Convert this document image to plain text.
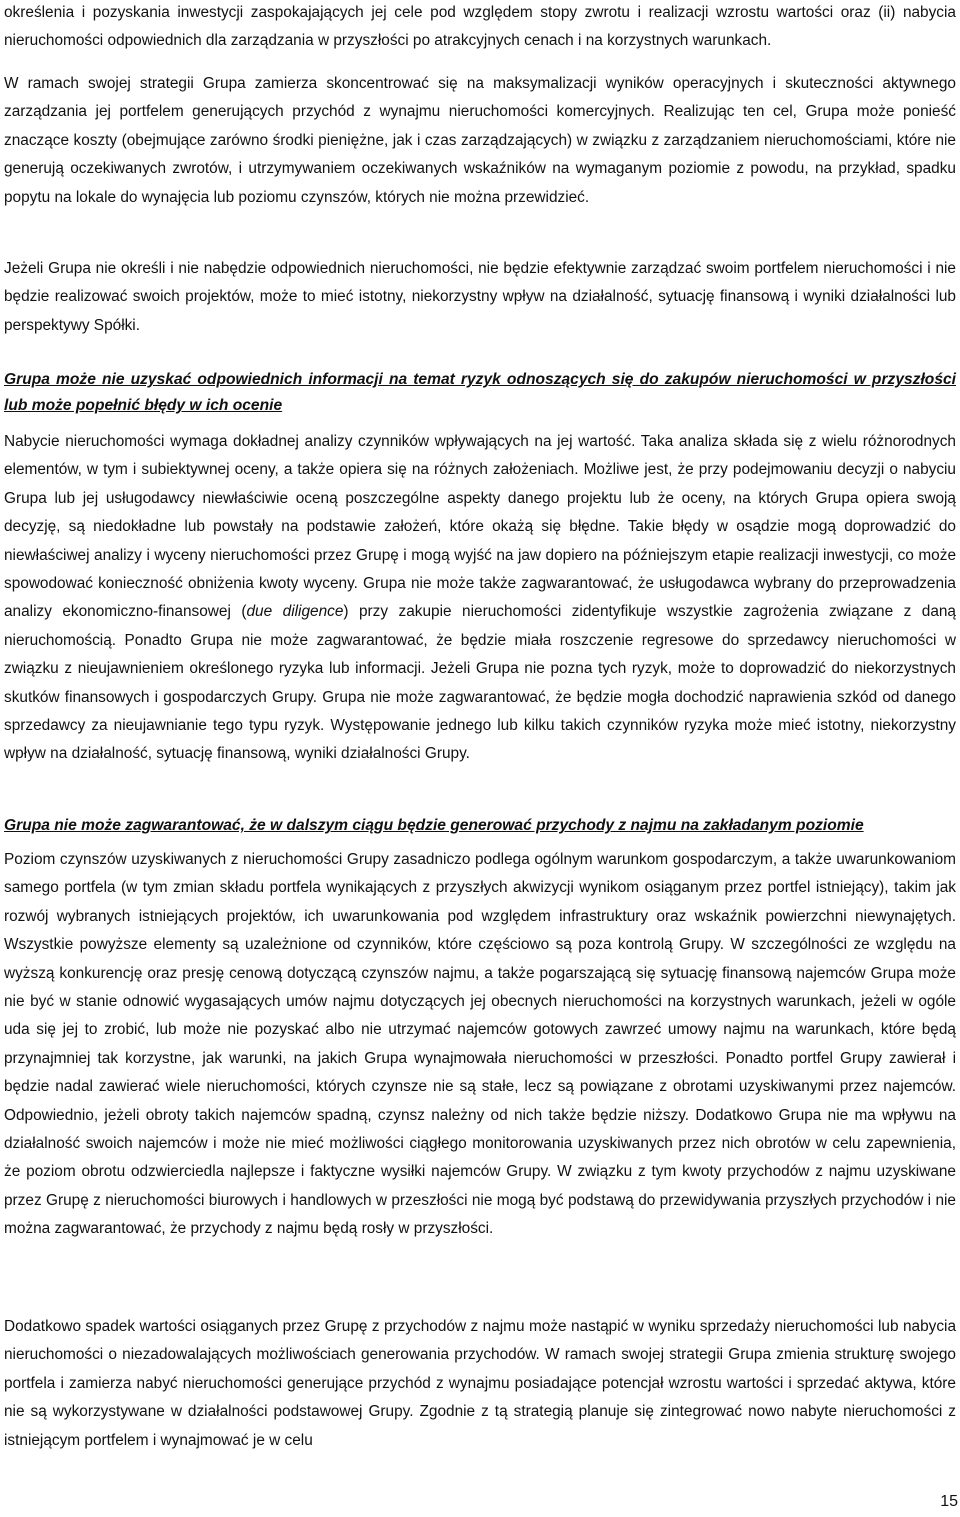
określenia i pozyskania inwestycji zaspokajających jej cele pod względem stopy zwrotu i realizacji wzrostu wartości oraz (ii) nabycia nieruchomości odpowiednich dla zarządzania w przyszłości po atrakcyjnych cenach i na korzystnych warunkach.

W ramach swojej strategii Grupa zamierza skoncentrować się na maksymalizacji wyników operacyjnych i skuteczności aktywnego zarządzania jej portfelem generujących przychód z wynajmu nieruchomości komercyjnych. Realizując ten cel, Grupa może ponieść znaczące koszty (obejmujące zarówno środki pieniężne, jak i czas zarządzających) w związku z zarządzaniem nieruchomościami, które nie generują oczekiwanych zwrotów, i utrzymywaniem oczekiwanych wskaźników na wymaganym poziomie z powodu, na przykład, spadku popytu na lokale do wynajęcia lub poziomu czynszów, których nie można przewidzieć.

Jeżeli Grupa nie określi i nie nabędzie odpowiednich nieruchomości, nie będzie efektywnie zarządzać swoim portfelem nieruchomości i nie będzie realizować swoich projektów, może to mieć istotny, niekorzystny wpływ na działalność, sytuację finansową i wyniki działalności lub perspektywy Spółki.

Grupa może nie uzyskać odpowiednich informacji na temat ryzyk odnoszących się do zakupów nieruchomości w przyszłości lub może popełnić błędy w ich ocenie

Nabycie nieruchomości wymaga dokładnej analizy czynników wpływających na jej wartość. Taka analiza składa się z wielu różnorodnych elementów, w tym i subiektywnej oceny, a także opiera się na różnych założeniach. Możliwe jest, że przy podejmowaniu decyzji o nabyciu Grupa lub jej usługodawcy niewłaściwie oceną poszczególne aspekty danego projektu lub że oceny, na których Grupa opiera swoją decyzję, są niedokładne lub powstały na podstawie założeń, które okażą się błędne. Takie błędy w osądzie mogą doprowadzić do niewłaściwej analizy i wyceny nieruchomości przez Grupę i mogą wyjść na jaw dopiero na późniejszym etapie realizacji inwestycji, co może spowodować konieczność obniżenia kwoty wyceny. Grupa nie może także zagwarantować, że usługodawca wybrany do przeprowadzenia analizy ekonomiczno-finansowej (due diligence) przy zakupie nieruchomości zidentyfikuje wszystkie zagrożenia związane z daną nieruchomością. Ponadto Grupa nie może zagwarantować, że będzie miała roszczenie regresowe do sprzedawcy nieruchomości w związku z nieujawnieniem określonego ryzyka lub informacji. Jeżeli Grupa nie pozna tych ryzyk, może to doprowadzić do niekorzystnych skutków finansowych i gospodarczych Grupy. Grupa nie może zagwarantować, że będzie mogła dochodzić naprawienia szkód od danego sprzedawcy za nieujawnianie tego typu ryzyk. Występowanie jednego lub kilku takich czynników ryzyka może mieć istotny, niekorzystny wpływ na działalność, sytuację finansową, wyniki działalności Grupy.

Grupa nie może zagwarantować, że w dalszym ciągu będzie generować przychody z najmu na zakładanym poziomie

Poziom czynszów uzyskiwanych z nieruchomości Grupy zasadniczo podlega ogólnym warunkom gospodarczym, a także uwarunkowaniom samego portfela (w tym zmian składu portfela wynikających z przyszłych akwizycji wynikom osiąganym przez portfel istniejący), takim jak rozwój wybranych istniejących projektów, ich uwarunkowania pod względem infrastruktury oraz wskaźnik powierzchni niewynajętych. Wszystkie powyższe elementy są uzależnione od czynników, które częściowo są poza kontrolą Grupy. W szczególności ze względu na wyższą konkurencję oraz presję cenową dotyczącą czynszów najmu, a także pogarszającą się sytuację finansową najemców Grupa może nie być w stanie odnowić wygasających umów najmu dotyczących jej obecnych nieruchomości na korzystnych warunkach, jeżeli w ogóle uda się jej to zrobić, lub może nie pozyskać albo nie utrzymać najemców gotowych zawrzeć umowy najmu na warunkach, które będą przynajmniej tak korzystne, jak warunki, na jakich Grupa wynajmowała nieruchomości w przeszłości. Ponadto portfel Grupy zawierał i będzie nadal zawierać wiele nieruchomości, których czynsze nie są stałe, lecz są powiązane z obrotami uzyskiwanymi przez najemców. Odpowiednio, jeżeli obroty takich najemców spadną, czynsz należny od nich także będzie niższy. Dodatkowo Grupa nie ma wpływu na działalność swoich najemców i może nie mieć możliwości ciągłego monitorowania uzyskiwanych przez nich obrotów w celu zapewnienia, że poziom obrotu odzwierciedla najlepsze i faktyczne wysiłki najemców Grupy. W związku z tym kwoty przychodów z najmu uzyskiwane przez Grupę z nieruchomości biurowych i handlowych w przeszłości nie mogą być podstawą do przewidywania przyszłych przychodów i nie można zagwarantować, że przychody z najmu będą rosły w przyszłości.

Dodatkowo spadek wartości osiąganych przez Grupę z przychodów z najmu może nastąpić w wyniku sprzedaży nieruchomości lub nabycia nieruchomości o niezadowalających możliwościach generowania przychodów. W ramach swojej strategii Grupa zmienia strukturę swojego portfela i zamierza nabyć nieruchomości generujące przychód z wynajmu posiadające potencjał wzrostu wartości i sprzedać aktywa, które nie są wykorzystywane w działalności podstawowej Grupy. Zgodnie z tą strategią planuje się zintegrować nowo nabyte nieruchomości z istniejącym portfelem i wynajmować je w celu

15
